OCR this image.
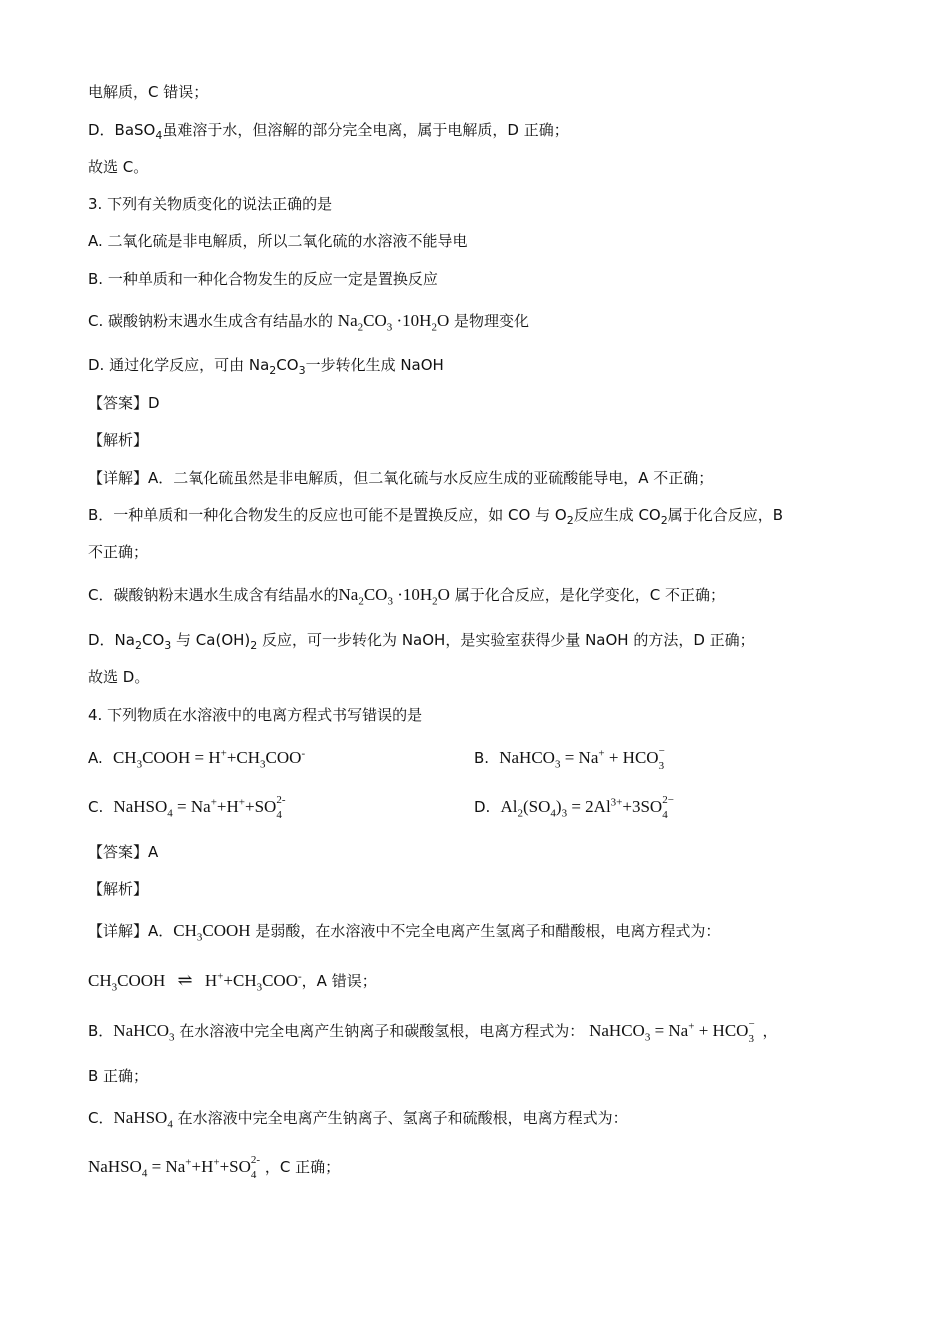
电解质，C 错误；
D．BaSO$_4$虽难溶于水，但溶解的部分完全电离，属于电解质，D 正确；
故选 C。
3. 下列有关物质变化的说法正确的是
A. 二氧化硫是非电解质，所以二氧化硫的水溶液不能导电
B. 一种单质和一种化合物发生的反应一定是置换反应
C. 碳酸钠粉末遇水生成含有结晶水的 $Na_2CO_3 \cdot 10H_2O$ 是物理变化
D. 通过化学反应，可由 $Na_2CO_3$一步转化生成 NaOH
【答案】D
【解析】
【详解】A．二氧化硫虽然是非电解质，但二氧化硫与水反应生成的亚硫酸能导电，A 不正确；
B．一种单质和一种化合物发生的反应也可能不是置换反应，如 CO 与 $O_2$反应生成 $CO_2$属于化合反应，B
不正确；
C．碳酸钠粉末遇水生成含有结晶水的$Na_2CO_3 \cdot 10H_2O$ 属于化合反应，是化学变化，C 不正确；
D．$Na_2CO_3$ 与 $Ca(OH)_2$ 反应，可一步转化为 NaOH，是实验室获得少量 NaOH 的方法，D 正确；
故选 D。
4. 下列物质在水溶液中的电离方程式书写错误的是
A. $CH_3COOH = H^++CH_3COO^-$	B. NaHCO$_3$ = Na+ + HCO −
3
C. NaHSO$_4$ = Na++H++SO 2-
4	D. $Al_2(SO_4)_3 = 2Al^{3+}+3SO$ 2−
4
【答案】A
【解析】
【详解】A．$CH_3COOH$ 是弱酸，在水溶液中不完全电离产生氢离子和醋酸根，电离方程式为：
$CH_3COOH$ ⇌ $H^++CH_3COO^-$，A 错误；
B．NaHCO$_3$ 在水溶液中完全电离产生钠离子和碳酸氢根，电离方程式为： NaHCO$_3$ = Na+ + HCO −
3 ，
B 正确；
C．NaHSO$_4$ 在水溶液中完全电离产生钠离子、氢离子和硫酸根，电离方程式为：
NaHSO$_4$ = Na++H++SO 2-
4 ，C 正确；
